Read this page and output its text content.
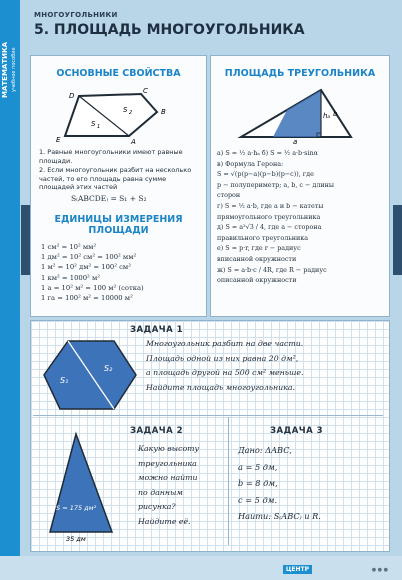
МАТЕМАТИКА учебное пособие
МНОГОУГОЛЬНИКИ
5. ПЛОЩАДЬ МНОГОУГОЛЬНИКА
ОСНОВНЫЕ СВОЙСТВА
D
C
B
A
E
S 2
S 1
1. Равные многоугольники имеют равные площади.
2. Если многоугольник разбит на несколько частей, то его площадь равна сумме площадей этих частей
S₍ABCDE₎ = S₁ + S₂
ЕДИНИЦЫ ИЗМЕРЕНИЯ ПЛОЩАДИ
1 см² = 10² мм²
1 дм² = 10² см² = 100² мм²
1 м² = 10² дм² = 100² см²
1 км² = 1000² м²
1 а = 10² м² = 100 м² (сотка)
1 га = 100² м² = 10000 м²
ПЛОЩАДЬ ТРЕУГОЛЬНИКА
hₐ
a
b
а) S = ½ a·hₐ б) S = ½ a·b·sinα
в) Формула Герона:
S = √(p(p−a)(p−b)(p−c)), где
p − полупериметр; a, b, c − длины
сторон
г) S = ½ a·b, где a и b − катеты
прямоугольного треугольника
д) S = a²√3 / 4, где a − сторона
правильного треугольника
е) S = p·r, где r − радиус
вписанной окружности
ж) S = a·b·c / 4R, где R − радиус
описанной окружности
ЗАДАЧА 1
S₁
S₂
Многоугольник разбит на две части.
Площадь одной из них равна 20 дм²,
а площадь другой на 500 см² меньше.
Найдите площадь многоугольника.
ЗАДАЧА 2
S = 175 дм²
35 дм
Какую высоту
треугольника
можно найти
по данным
рисунка?
Найдите её.
ЗАДАЧА 3
Дано: ΔABC,
a = 5 дм,
b = 8 дм,
c = 5 дм.
Найти: S₍ABC₎ и R.
ЦЕНТР	● ● ●
